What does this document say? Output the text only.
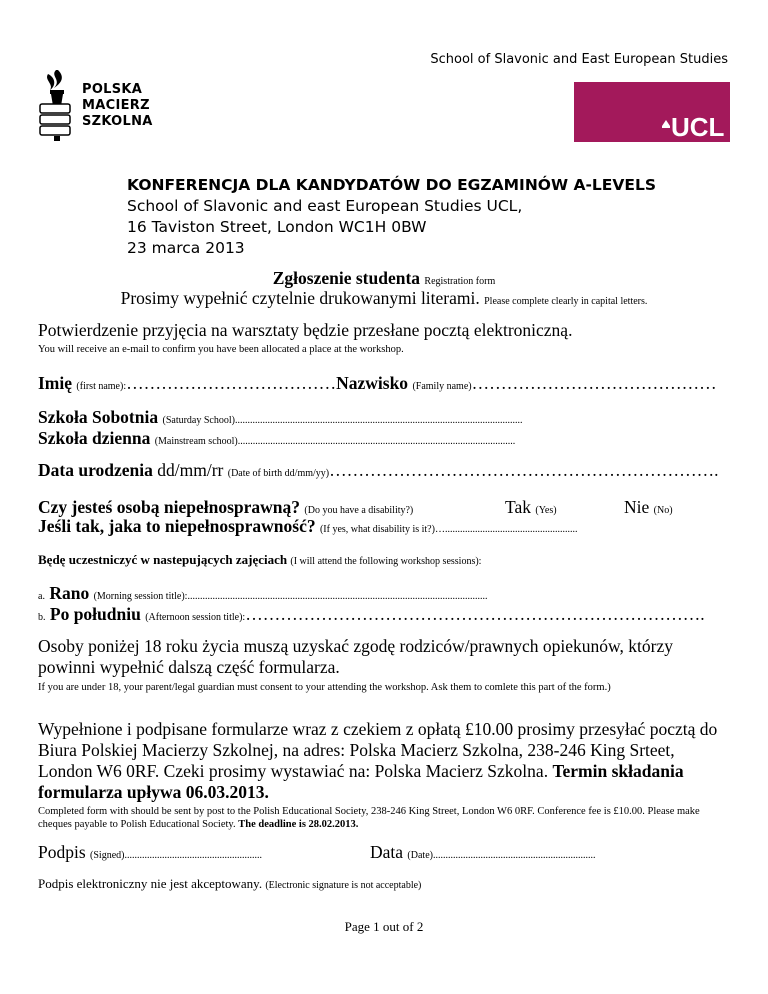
School of Slavonic and East European Studies
POLSKA
MACIERZ
SZKOLNA	UCL
KONFERENCJA DLA KANDYDATÓW DO EGZAMINÓW A-LEVELS
School of Slavonic and east European Studies UCL,
16 Taviston Street, London WC1H 0BW
23 marca 2013
Zgłoszenie studenta Registration form
Prosimy wypełnić czytelnie drukowanymi literami. Please complete clearly in capital letters.
Potwierdzenie przyjęcia na warsztaty będzie przesłane pocztą elektroniczną.
You will receive an e-mail to confirm you have been allocated a place at the workshop.
Imię (first name):………………………………Nazwisko (Family name)……………………………………
Szkoła Sobotnia (Saturday School)...................................................................................................................
Szkoła dzienna (Mainstream school)...............................................................................................................
Data urodzenia dd/mm/rr (Date of birth dd/mm/yy)………………………………………………………….
Czy jesteś osobą niepełnosprawną? (Do you have a disability?)	Tak (Yes)	Nie (No)
Jeśli tak, jaka to niepełnosprawność? (If yes, what disability is it?)….....................................................
Będę uczestniczyć w nastepujących zajęciach (I will attend the following workshop sessions):
a. Rano (Morning session title):........................................................................................................................
b. Po południu (Afternoon session title):…………………………………………………………………….
Osoby poniżej 18 roku życia muszą uzyskać zgodę rodziców/prawnych opiekunów, którzy powinni wypełnić dalszą część formularza.
If you are under 18, your parent/legal guardian must consent to your attending the workshop. Ask them to comlete this part of the form.)
Wypełnione i podpisane formularze wraz z czekiem z opłatą £10.00 prosimy przesyłać pocztą do Biura Polskiej Macierzy Szkolnej, na adres: Polska Macierz Szkolna, 238-246 King Srteet, London W6 0RF. Czeki prosimy wystawiać na: Polska Macierz Szkolna. Termin składania formularza upływa 06.03.2013.
Completed form with should be sent by post to the Polish Educational Society, 238-246 King Street, London W6 0RF. Conference fee is £10.00. Please make cheques payable to Polish Educational Society. The deadline is 28.02.2013.
Podpis (Signed).......................................................	Data (Date).................................................................
Podpis elektroniczny nie jest akceptowany. (Electronic signature is not acceptable)
Page 1 out of 2
